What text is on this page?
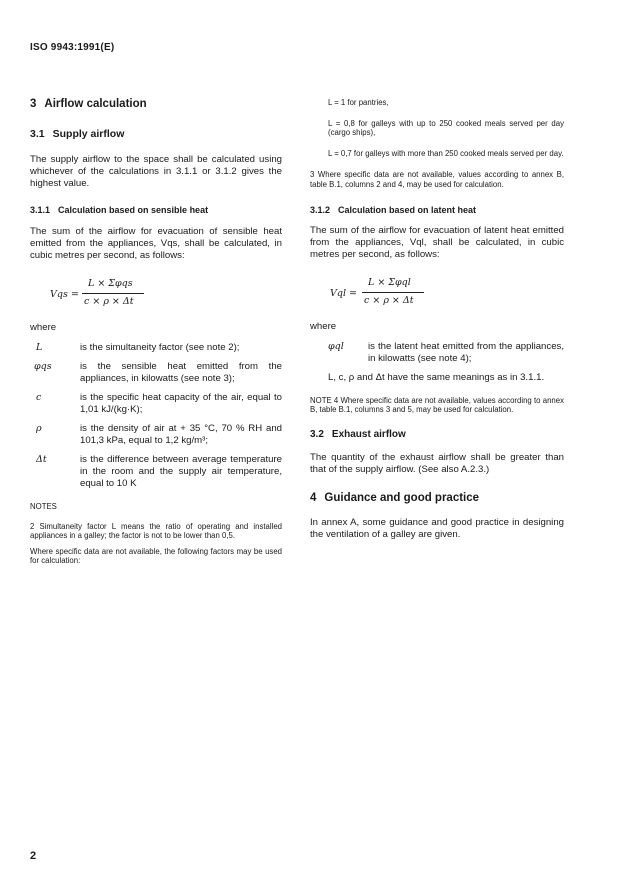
ISO 9943:1991(E)
3 Airflow calculation
3.1 Supply airflow

The supply airflow to the space shall be calculated using whichever of the calculations in 3.1.1 or 3.1.2 gives the highest value.

3.1.1 Calculation based on sensible heat

The sum of the airflow for evacuation of sensible heat emitted from the appliances, Vqs, shall be calculated, in cubic metres per second, as follows:

Vqs =
L × Σφqs
c × ρ × Δt

where

L	is the simultaneity factor (see note 2);
φqs	is the sensible heat emitted from the appliances, in kilowatts (see note 3);
c	is the specific heat capacity of the air, equal to 1,01 kJ/(kg·K);
ρ	is the density of air at + 35 °C, 70 % RH and 101,3 kPa, equal to 1,2 kg/m³;
Δt	is the difference between average temperature in the room and the supply air temperature, equal to 10 K

NOTES

2 Simultaneity factor L means the ratio of operating and installed appliances in a galley; the factor is not to be lower than 0,5.

Where specific data are not available, the following factors may be used for calculation:

L = 1 for pantries,

L = 0,8 for galleys with up to 250 cooked meals served per day (cargo ships),

L = 0,7 for galleys with more than 250 cooked meals served per day.

3 Where specific data are not available, values according to annex B, table B.1, columns 2 and 4, may be used for calculation.

3.1.2 Calculation based on latent heat

The sum of the airflow for evacuation of latent heat emitted from the appliances, Vql, shall be calculated, in cubic metres per second, as follows:

Vql =
L × Σφql
c × ρ × Δt

where

φql	is the latent heat emitted from the appliances, in kilowatts (see note 4);
L, c, ρ and Δt have the same meanings as in 3.1.1.

NOTE 4 Where specific data are not available, values according to annex B, table B.1, columns 3 and 5, may be used for calculation.

3.2 Exhaust airflow

The quantity of the exhaust airflow shall be greater than that of the supply airflow. (See also A.2.3.)

4 Guidance and good practice

In annex A, some guidance and good practice in designing the ventilation of a galley are given.

2
